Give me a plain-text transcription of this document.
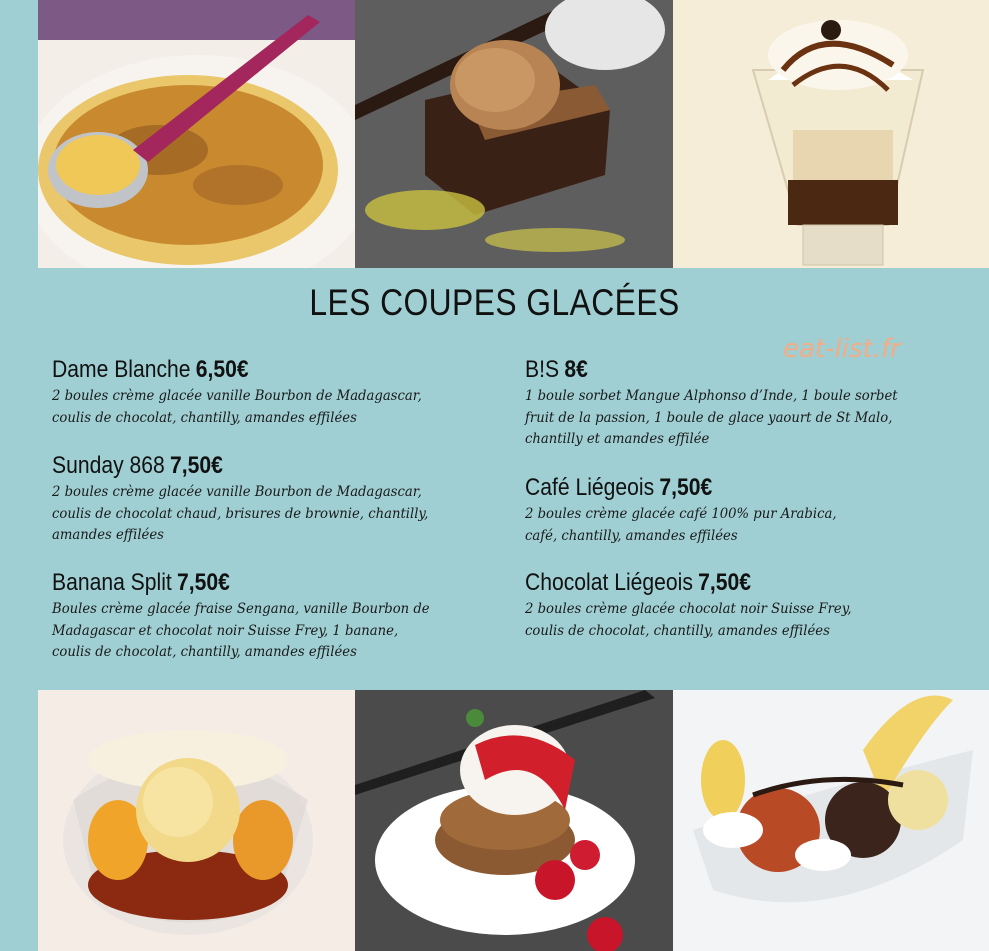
LES COUPES GLACÉES
eat-list.fr
Dame Blanche 6,50€
2 boules crème glacée vanille Bourbon de Madagascar,
coulis de chocolat, chantilly, amandes effilées
Sunday 868 7,50€
2 boules crème glacée vanille Bourbon de Madagascar,
coulis de chocolat chaud, brisures de brownie, chantilly,
amandes effilées
Banana Split 7,50€
Boules crème glacée fraise Sengana, vanille Bourbon de
Madagascar et chocolat noir Suisse Frey, 1 banane,
coulis de chocolat, chantilly, amandes effilées
B!S 8€
1 boule sorbet Mangue Alphonso d’Inde, 1 boule sorbet
fruit de la passion, 1 boule de glace yaourt de St Malo,
chantilly et amandes effilée
Café Liégeois 7,50€
2 boules crème glacée café 100% pur Arabica,
café, chantilly, amandes effilées
Chocolat Liégeois 7,50€
2 boules crème glacée chocolat noir Suisse Frey,
coulis de chocolat, chantilly, amandes effilées
